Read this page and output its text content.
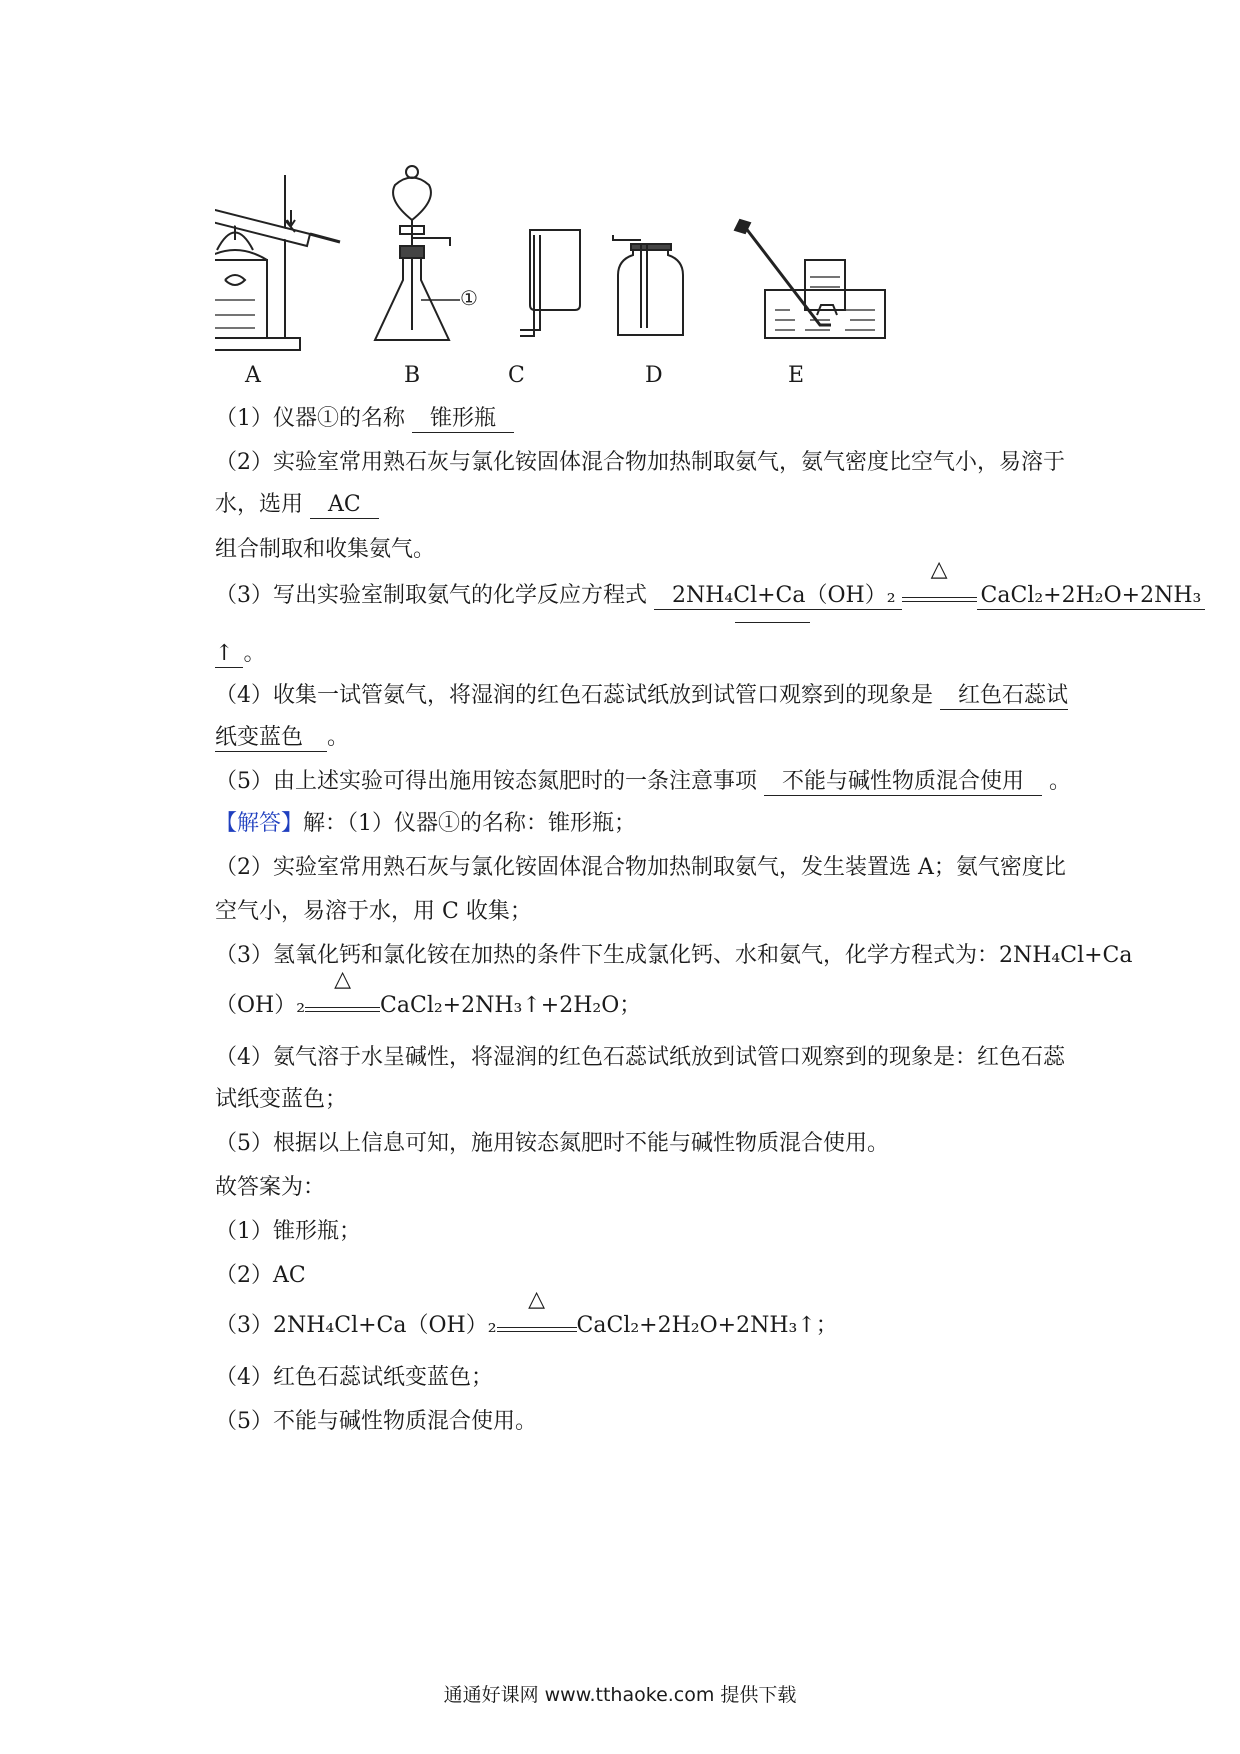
①
A	B	C	D	E
（1）仪器①的名称 锥形瓶
（2）实验室常用熟石灰与氯化铵固体混合物加热制取氨气，氨气密度比空气小，易溶于
水，选用 AC
组合制取和收集氨气。
（3）写出实验室制取氨气的化学反应方程式 2NH₄Cl+Ca（OH）₂
△
CaCl₂+2H₂O+2NH₃
↑ 。
（4）收集一试管氨气，将湿润的红色石蕊试纸放到试管口观察到的现象是 红色石蕊试
纸变蓝色 。
（5）由上述实验可得出施用铵态氮肥时的一条注意事项 不能与碱性物质混合使用 。
【解答】解：（1）仪器①的名称：锥形瓶；
（2）实验室常用熟石灰与氯化铵固体混合物加热制取氨气，发生装置选 A；氨气密度比
空气小，易溶于水，用 C 收集；
（3）氢氧化钙和氯化铵在加热的条件下生成氯化钙、水和氨气，化学方程式为：2NH₄Cl+Ca
（OH）₂
△
CaCl₂+2NH₃↑+2H₂O；
（4）氨气溶于水呈碱性，将湿润的红色石蕊试纸放到试管口观察到的现象是：红色石蕊
试纸变蓝色；
（5）根据以上信息可知，施用铵态氮肥时不能与碱性物质混合使用。
故答案为：
（1）锥形瓶；
（2）AC
（3）2NH₄Cl+Ca（OH）₂
△
CaCl₂+2H₂O+2NH₃↑；
（4）红色石蕊试纸变蓝色；
（5）不能与碱性物质混合使用。
通通好课网 www.tthaoke.com 提供下载
